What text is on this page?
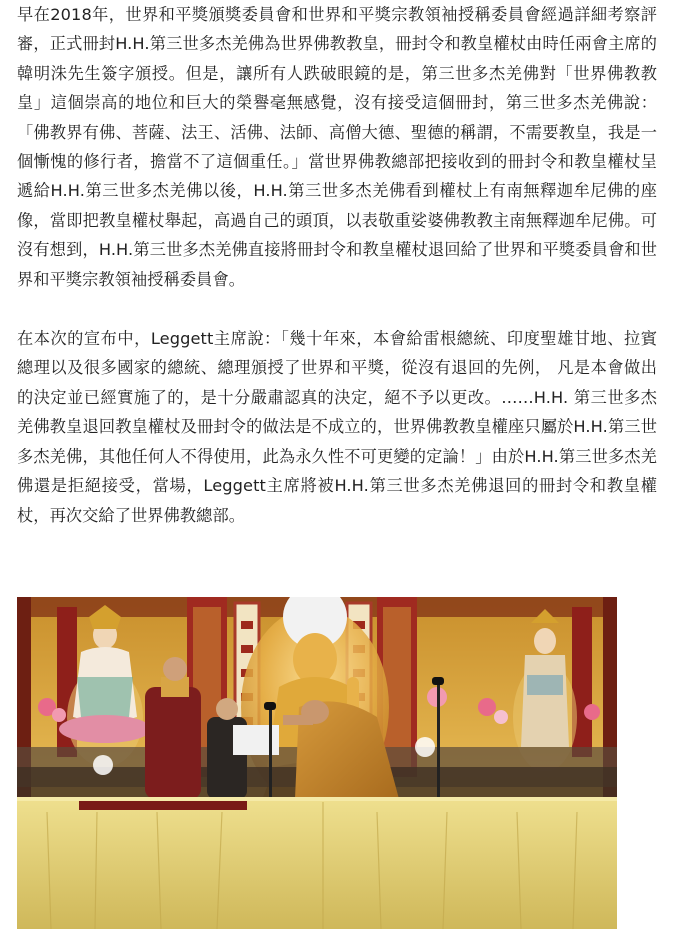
早在2018年，世界和平獎頒獎委員會和世界和平獎宗教領袖授稱委員會經過詳細考察評審，正式冊封H.H.第三世多杰羌佛為世界佛教教皇，冊封令和教皇權杖由時任兩會主席的韓明洙先生簽字頒授。但是，讓所有人跌破眼鏡的是，第三世多杰羌佛對「世界佛教教皇」這個崇高的地位和巨大的榮譽毫無感覺，沒有接受這個冊封，第三世多杰羌佛說：「佛教界有佛、菩薩、法王、活佛、法師、高僧大德、聖德的稱謂，不需要教皇，我是一個慚愧的修行者，擔當不了這個重任。」當世界佛教總部把接收到的冊封令和教皇權杖呈遞給H.H.第三世多杰羌佛以後，H.H.第三世多杰羌佛看到權杖上有南無釋迦牟尼佛的座像，當即把教皇權杖舉起，高過自己的頭頂，以表敬重娑婆佛教教主南無釋迦牟尼佛。可沒有想到，H.H.第三世多杰羌佛直接將冊封令和教皇權杖退回給了世界和平獎委員會和世界和平獎宗教領袖授稱委員會。

在本次的宣布中，Leggett主席說：「幾十年來，本會給雷根總統、印度聖雄甘地、拉賓總理以及很多國家的總統、總理頒授了世界和平獎，從沒有退回的先例， 凡是本會做出的決定並已經實施了的，是十分嚴肅認真的決定，絕不予以更改。……H.H. 第三世多杰羌佛教皇退回教皇權杖及冊封令的做法是不成立的，世界佛教教皇權座只屬於H.H.第三世多杰羌佛，其他任何人不得使用，此為永久性不可更變的定論！」由於H.H.第三世多杰羌佛還是拒絕接受，當場，Leggett主席將被H.H.第三世多杰羌佛退回的冊封令和教皇權杖，再次交給了世界佛教總部。
